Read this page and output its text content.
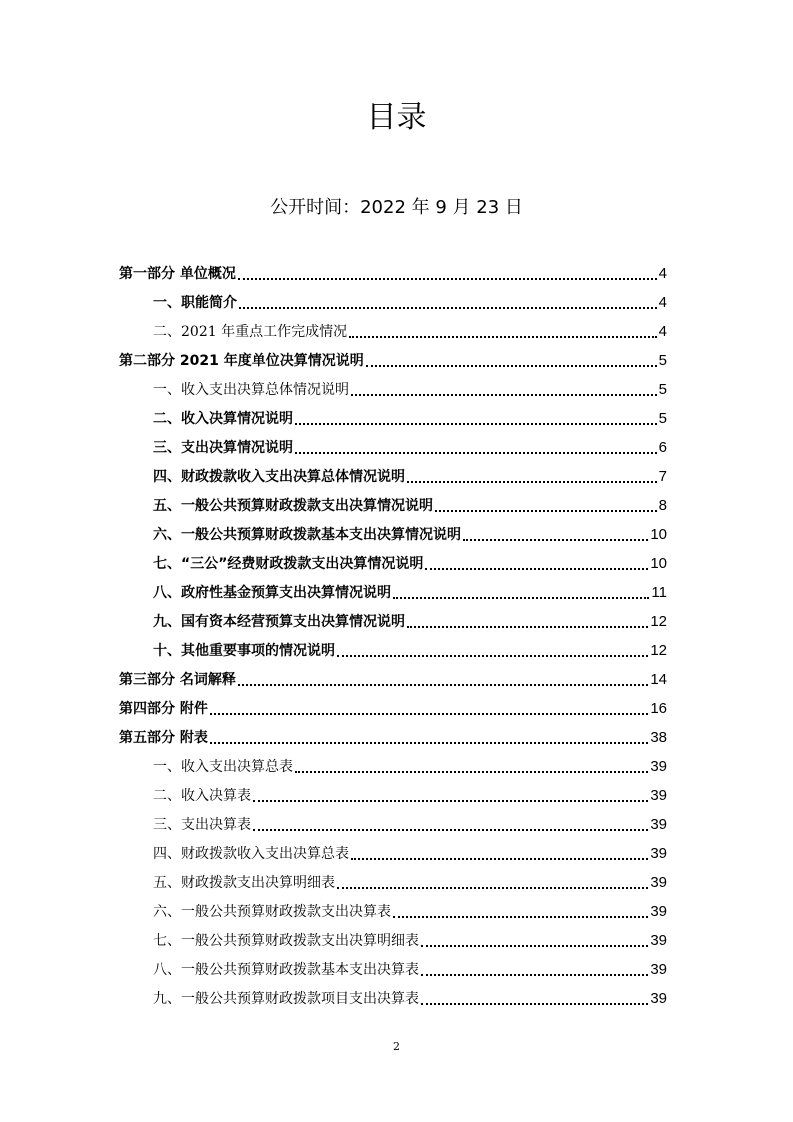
目录
公开时间：2022 年 9 月 23 日
第一部分 单位概况	4
一、职能简介	4
二、2021 年重点工作完成情况	4
第二部分 2021 年度单位决算情况说明	5
一、收入支出决算总体情况说明	5
二、收入决算情况说明	5
三、支出决算情况说明	6
四、财政拨款收入支出决算总体情况说明	7
五、一般公共预算财政拨款支出决算情况说明	8
六、一般公共预算财政拨款基本支出决算情况说明	10
七、“三公”经费财政拨款支出决算情况说明	10
八、政府性基金预算支出决算情况说明	11
九、国有资本经营预算支出决算情况说明	12
十、其他重要事项的情况说明	12
第三部分 名词解释	14
第四部分 附件	16
第五部分 附表	38
一、收入支出决算总表	39
二、收入决算表	39
三、支出决算表	39
四、财政拨款收入支出决算总表	39
五、财政拨款支出决算明细表	39
六、一般公共预算财政拨款支出决算表	39
七、一般公共预算财政拨款支出决算明细表	39
八、一般公共预算财政拨款基本支出决算表	39
九、一般公共预算财政拨款项目支出决算表	39
2
